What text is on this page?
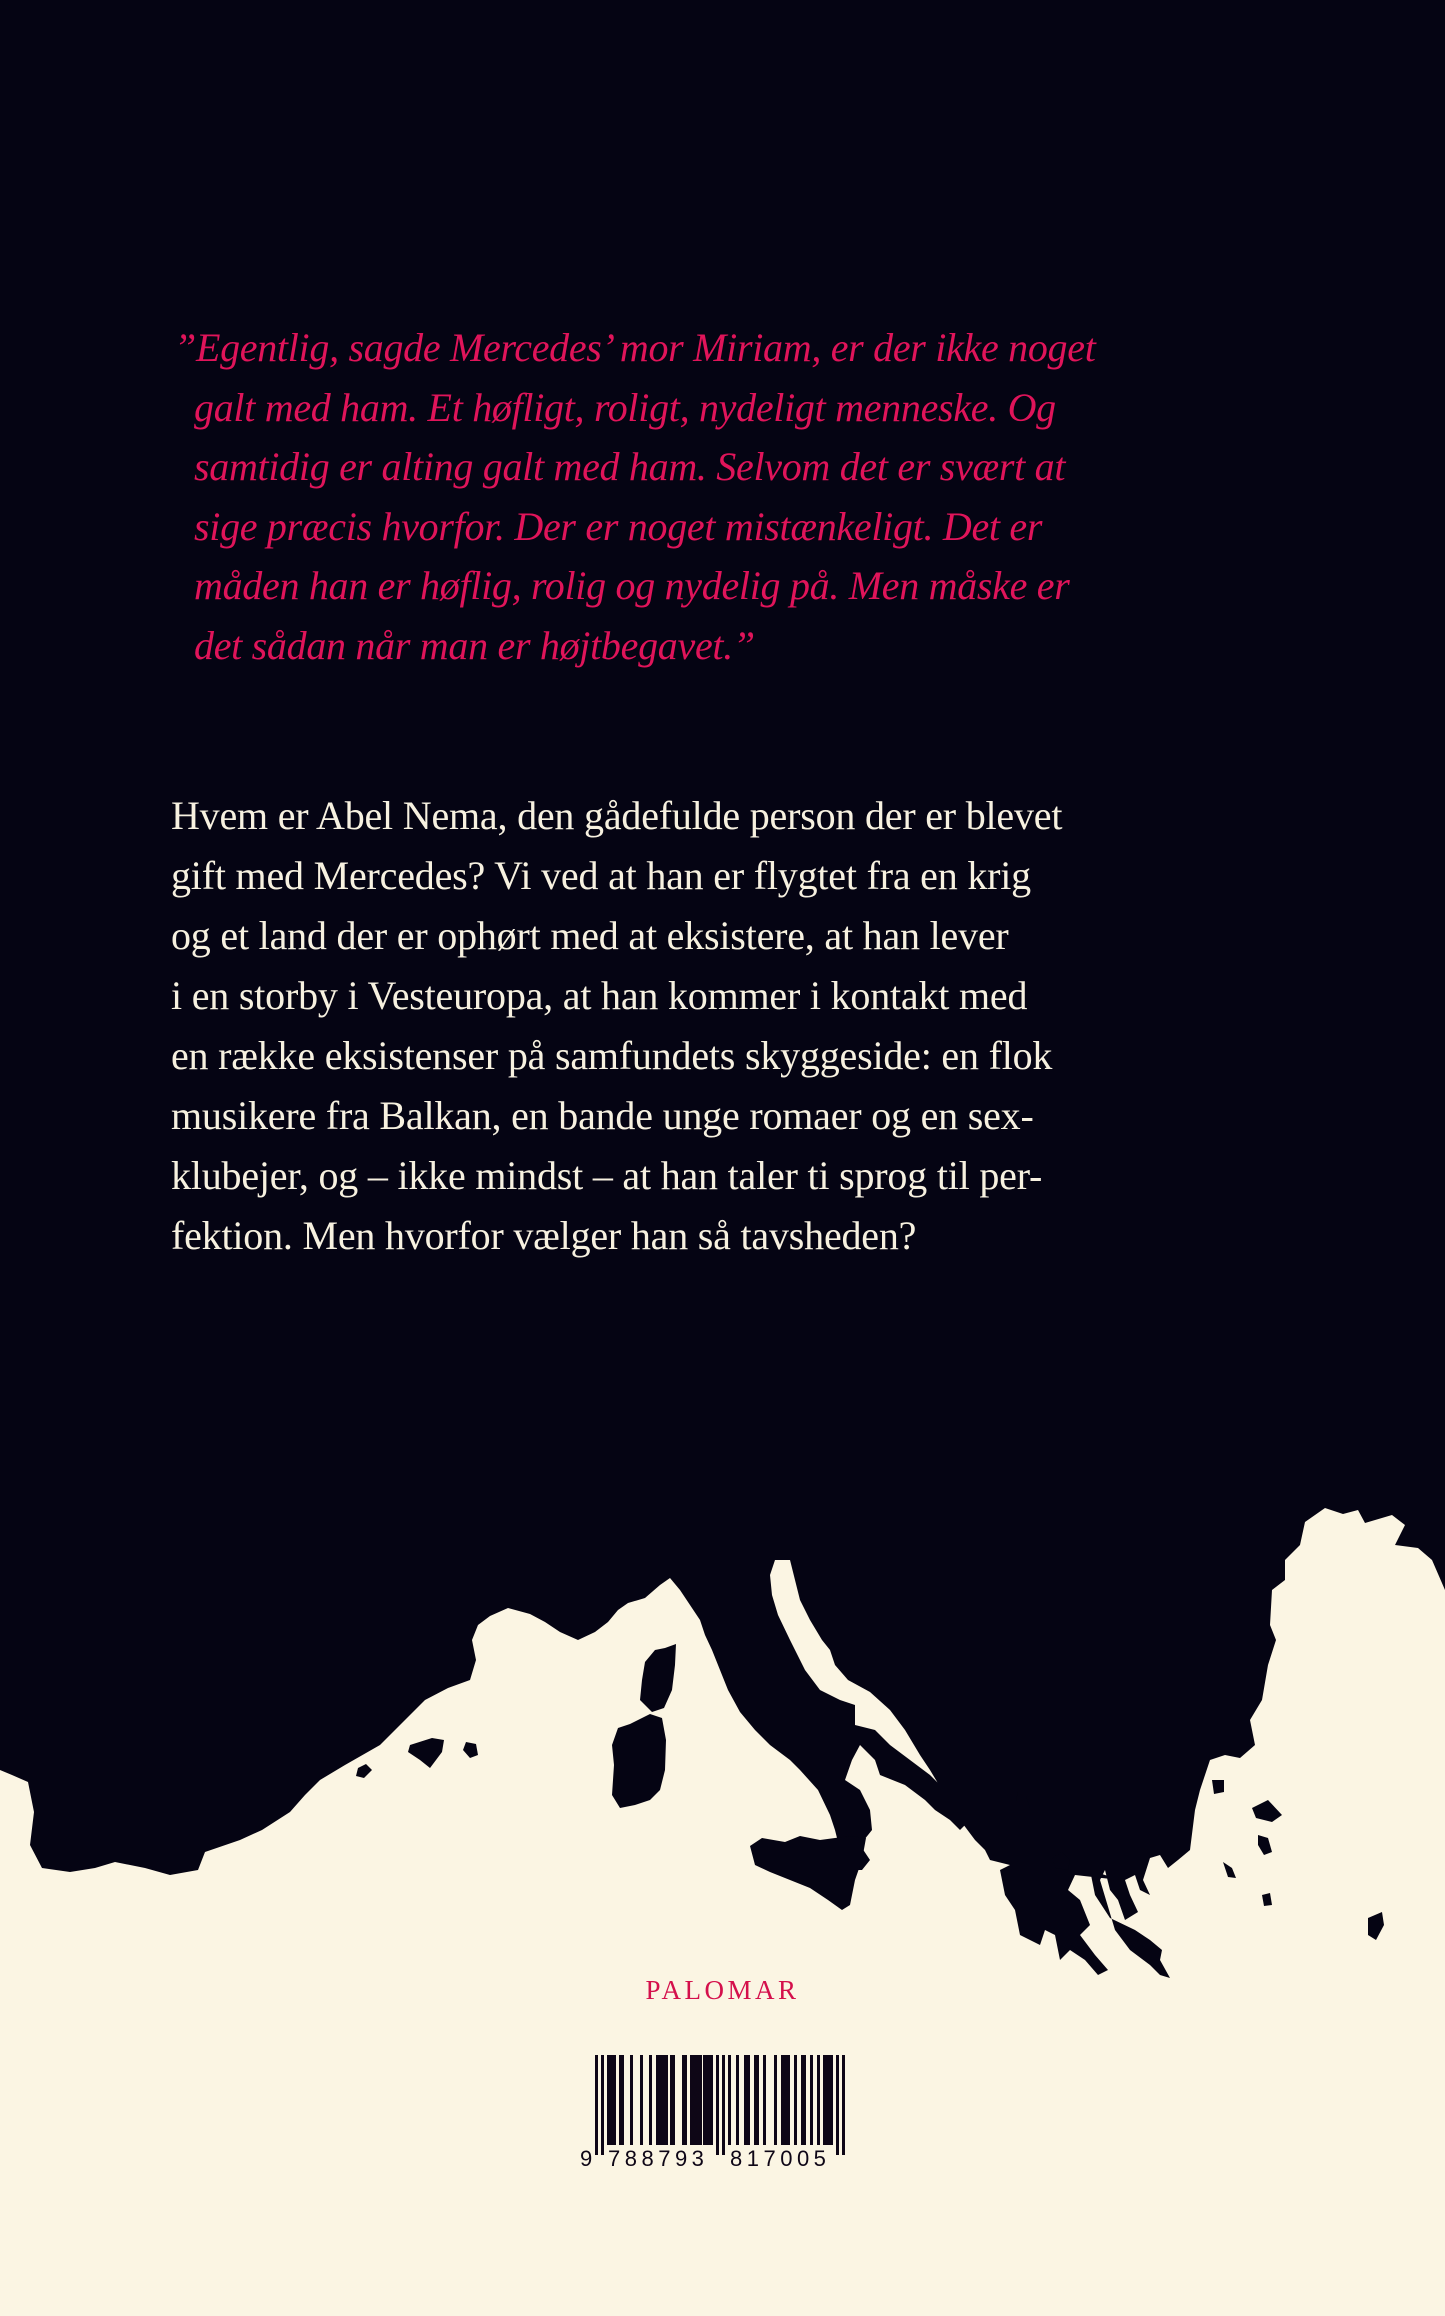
”Egentlig, sagde Mercedes’ mor Miriam, er der ikke noget
galt med ham. Et høfligt, roligt, nydeligt menneske. Og
samtidig er alting galt med ham. Selvom det er svært at
sige præcis hvorfor. Der er noget mistænkeligt. Det er
måden han er høflig, rolig og nydelig på. Men måske er
det sådan når man er højtbegavet.”
Hvem er Abel Nema, den gådefulde person der er blevet
gift med Mercedes? Vi ved at han er flygtet fra en krig
og et land der er ophørt med at eksistere, at han lever
i en storby i Vesteuropa, at han kommer i kontakt med
en række eksistenser på samfundets skyggeside: en flok
musikere fra Balkan, en bande unge romaer og en sex-
klubejer, og – ikke mindst – at han taler ti sprog til per-
fektion. Men hvorfor vælger han så tavsheden?
PALOMAR
9 788793 817005
